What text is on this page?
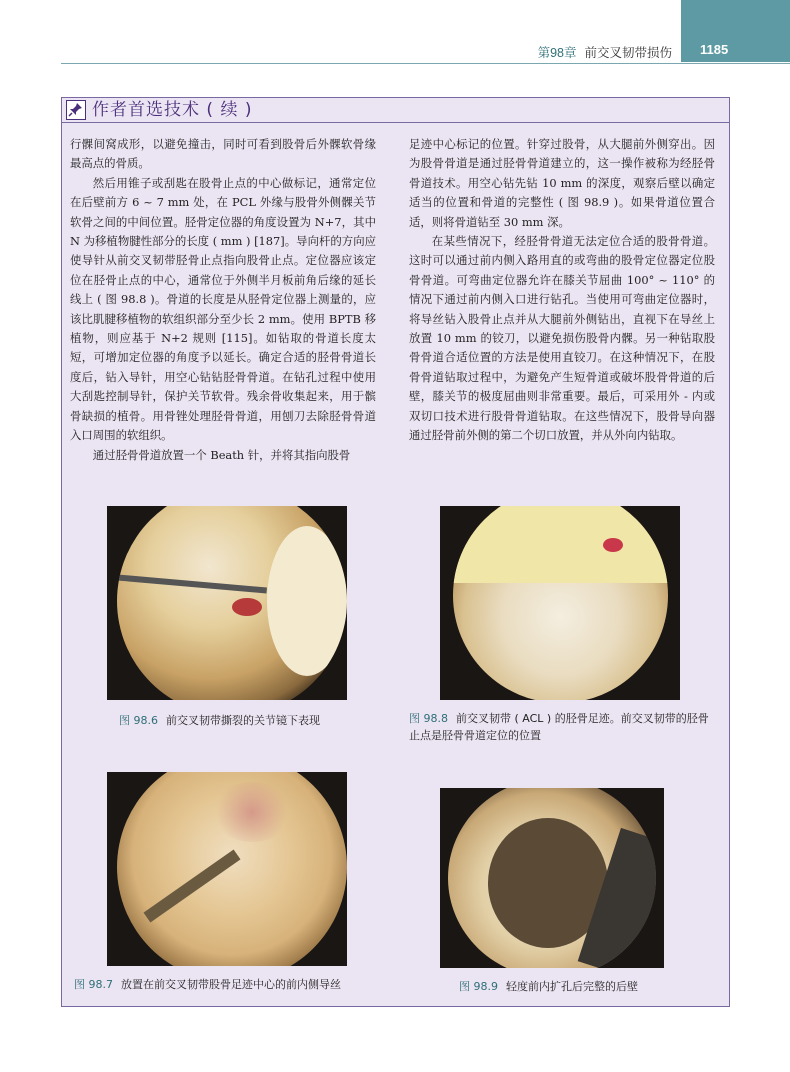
第98章 前交叉韧带损伤 1185
作者首选技术 ( 续 )

行髁间窝成形，以避免撞击，同时可看到股骨后外髁软骨缘最高点的骨质。

然后用锥子或刮匙在股骨止点的中心做标记，通常定位在后壁前方 6 ~ 7 mm 处，在 PCL 外缘与股骨外侧髁关节软骨之间的中间位置。胫骨定位器的角度设置为 N+7，其中 N 为移植物腱性部分的长度 ( mm ) [187]。导向杆的方向应使导针从前交叉韧带胫骨止点指向股骨止点。定位器应该定位在胫骨止点的中心，通常位于外侧半月板前角后缘的延长线上 ( 图 98.8 )。骨道的长度是从胫骨定位器上测量的，应该比肌腱移植物的软组织部分至少长 2 mm。使用 BPTB 移植物，则应基于 N+2 规则 [115]。如钻取的骨道长度太短，可增加定位器的角度予以延长。确定合适的胫骨骨道长度后，钻入导针，用空心钻钻胫骨骨道。在钻孔过程中使用大刮匙控制导针，保护关节软骨。残余骨收集起来，用于髌骨缺损的植骨。用骨锉处理胫骨骨道，用刨刀去除胫骨骨道入口周围的软组织。

通过胫骨骨道放置一个 Beath 针，并将其指向股骨

足迹中心标记的位置。针穿过股骨，从大腿前外侧穿出。因为股骨骨道是通过胫骨骨道建立的，这一操作被称为经胫骨骨道技术。用空心钻先钻 10 mm 的深度，观察后壁以确定适当的位置和骨道的完整性 ( 图 98.9 )。如果骨道位置合适，则将骨道钻至 30 mm 深。

在某些情况下，经胫骨骨道无法定位合适的股骨骨道。这时可以通过前内侧入路用直的或弯曲的股骨定位器定位股骨骨道。可弯曲定位器允许在膝关节屈曲 100° ~ 110° 的情况下通过前内侧入口进行钻孔。当使用可弯曲定位器时，将导丝钻入股骨止点并从大腿前外侧钻出，直视下在导丝上放置 10 mm 的铰刀，以避免损伤股骨内髁。另一种钻取股骨骨道合适位置的方法是使用直铰刀。在这种情况下，在股骨骨道钻取过程中，为避免产生短骨道或破坏股骨骨道的后壁，膝关节的极度屈曲则非常重要。最后，可采用外 - 内或双切口技术进行股骨骨道钻取。在这些情况下，股骨导向器通过胫骨前外侧的第二个切口放置，并从外向内钻取。

图 98.6 前交叉韧带撕裂的关节镜下表现	图 98.8 前交叉韧带 ( ACL ) 的胫骨足迹。前交叉韧带的胫骨止点是胫骨骨道定位的位置
图 98.7 放置在前交叉韧带股骨足迹中心的前内侧导丝	图 98.9 轻度前内扩孔后完整的后壁
